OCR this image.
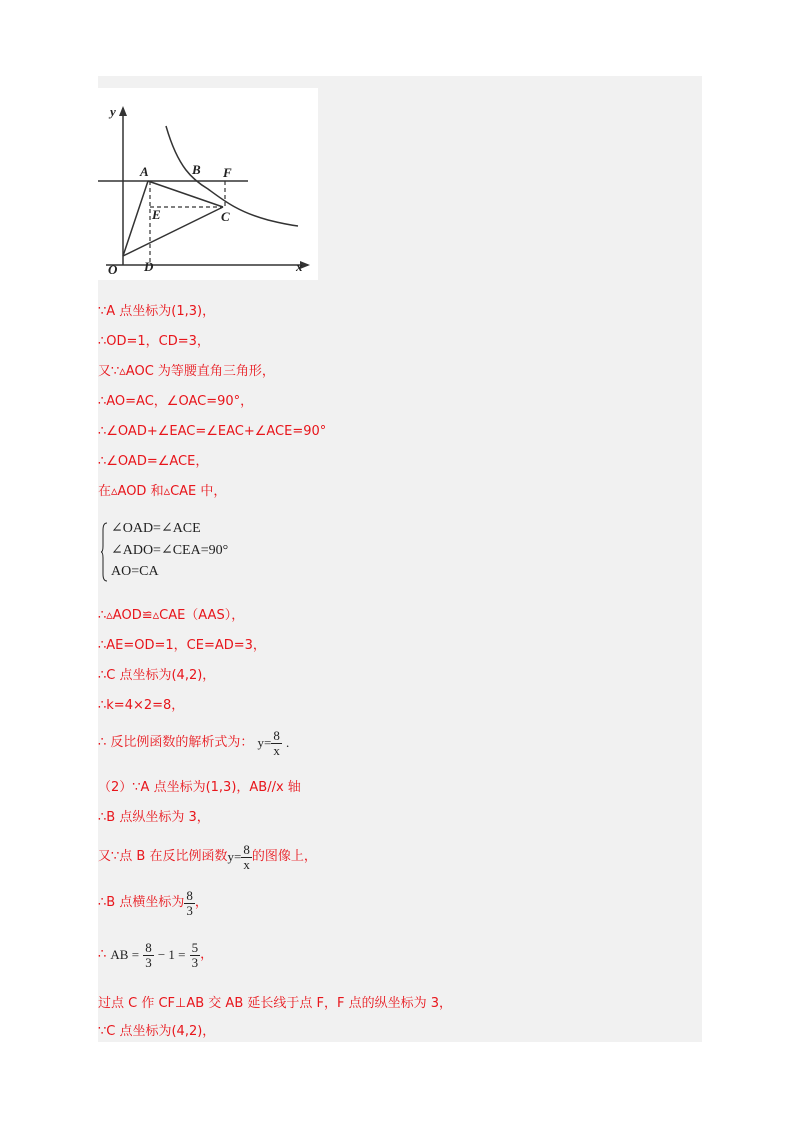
y
x
O
A	B F
E	C
D
∵A 点坐标为(1,3)，
∴OD=1，CD=3，
又∵▵AOC 为等腰直角三角形，
∴AO=AC，∠OAC=90°，
∴∠OAD+∠EAC=∠EAC+∠ACE=90°
∴∠OAD=∠ACE，
在▵AOD 和▵CAE 中，
∠OAD=∠ACE
∠ADO=∠CEA=90°
AO=CA
∴▵AOD≌▵CAE（AAS），
∴AE=OD=1，CE=AD=3，
∴C 点坐标为(4,2)，
∴k=4×2=8，
∴ 反比例函数的解析式为： $y= \frac{8}{x}$ .
（2）∵A 点坐标为(1,3)，AB//x 轴
∴B 点纵坐标为 3，
又∵点 B 在反比例函数$y= \frac{8}{x}$ 的图像上，
∴B 点横坐标为 $\frac{8}{3}$ ，
∴ AB = $\frac{8}{3} - 1 = \frac{5}{3}$ ，
过点 C 作 CF⊥AB 交 AB 延长线于点 F，F 点的纵坐标为 3，
∵C 点坐标为(4,2)，
